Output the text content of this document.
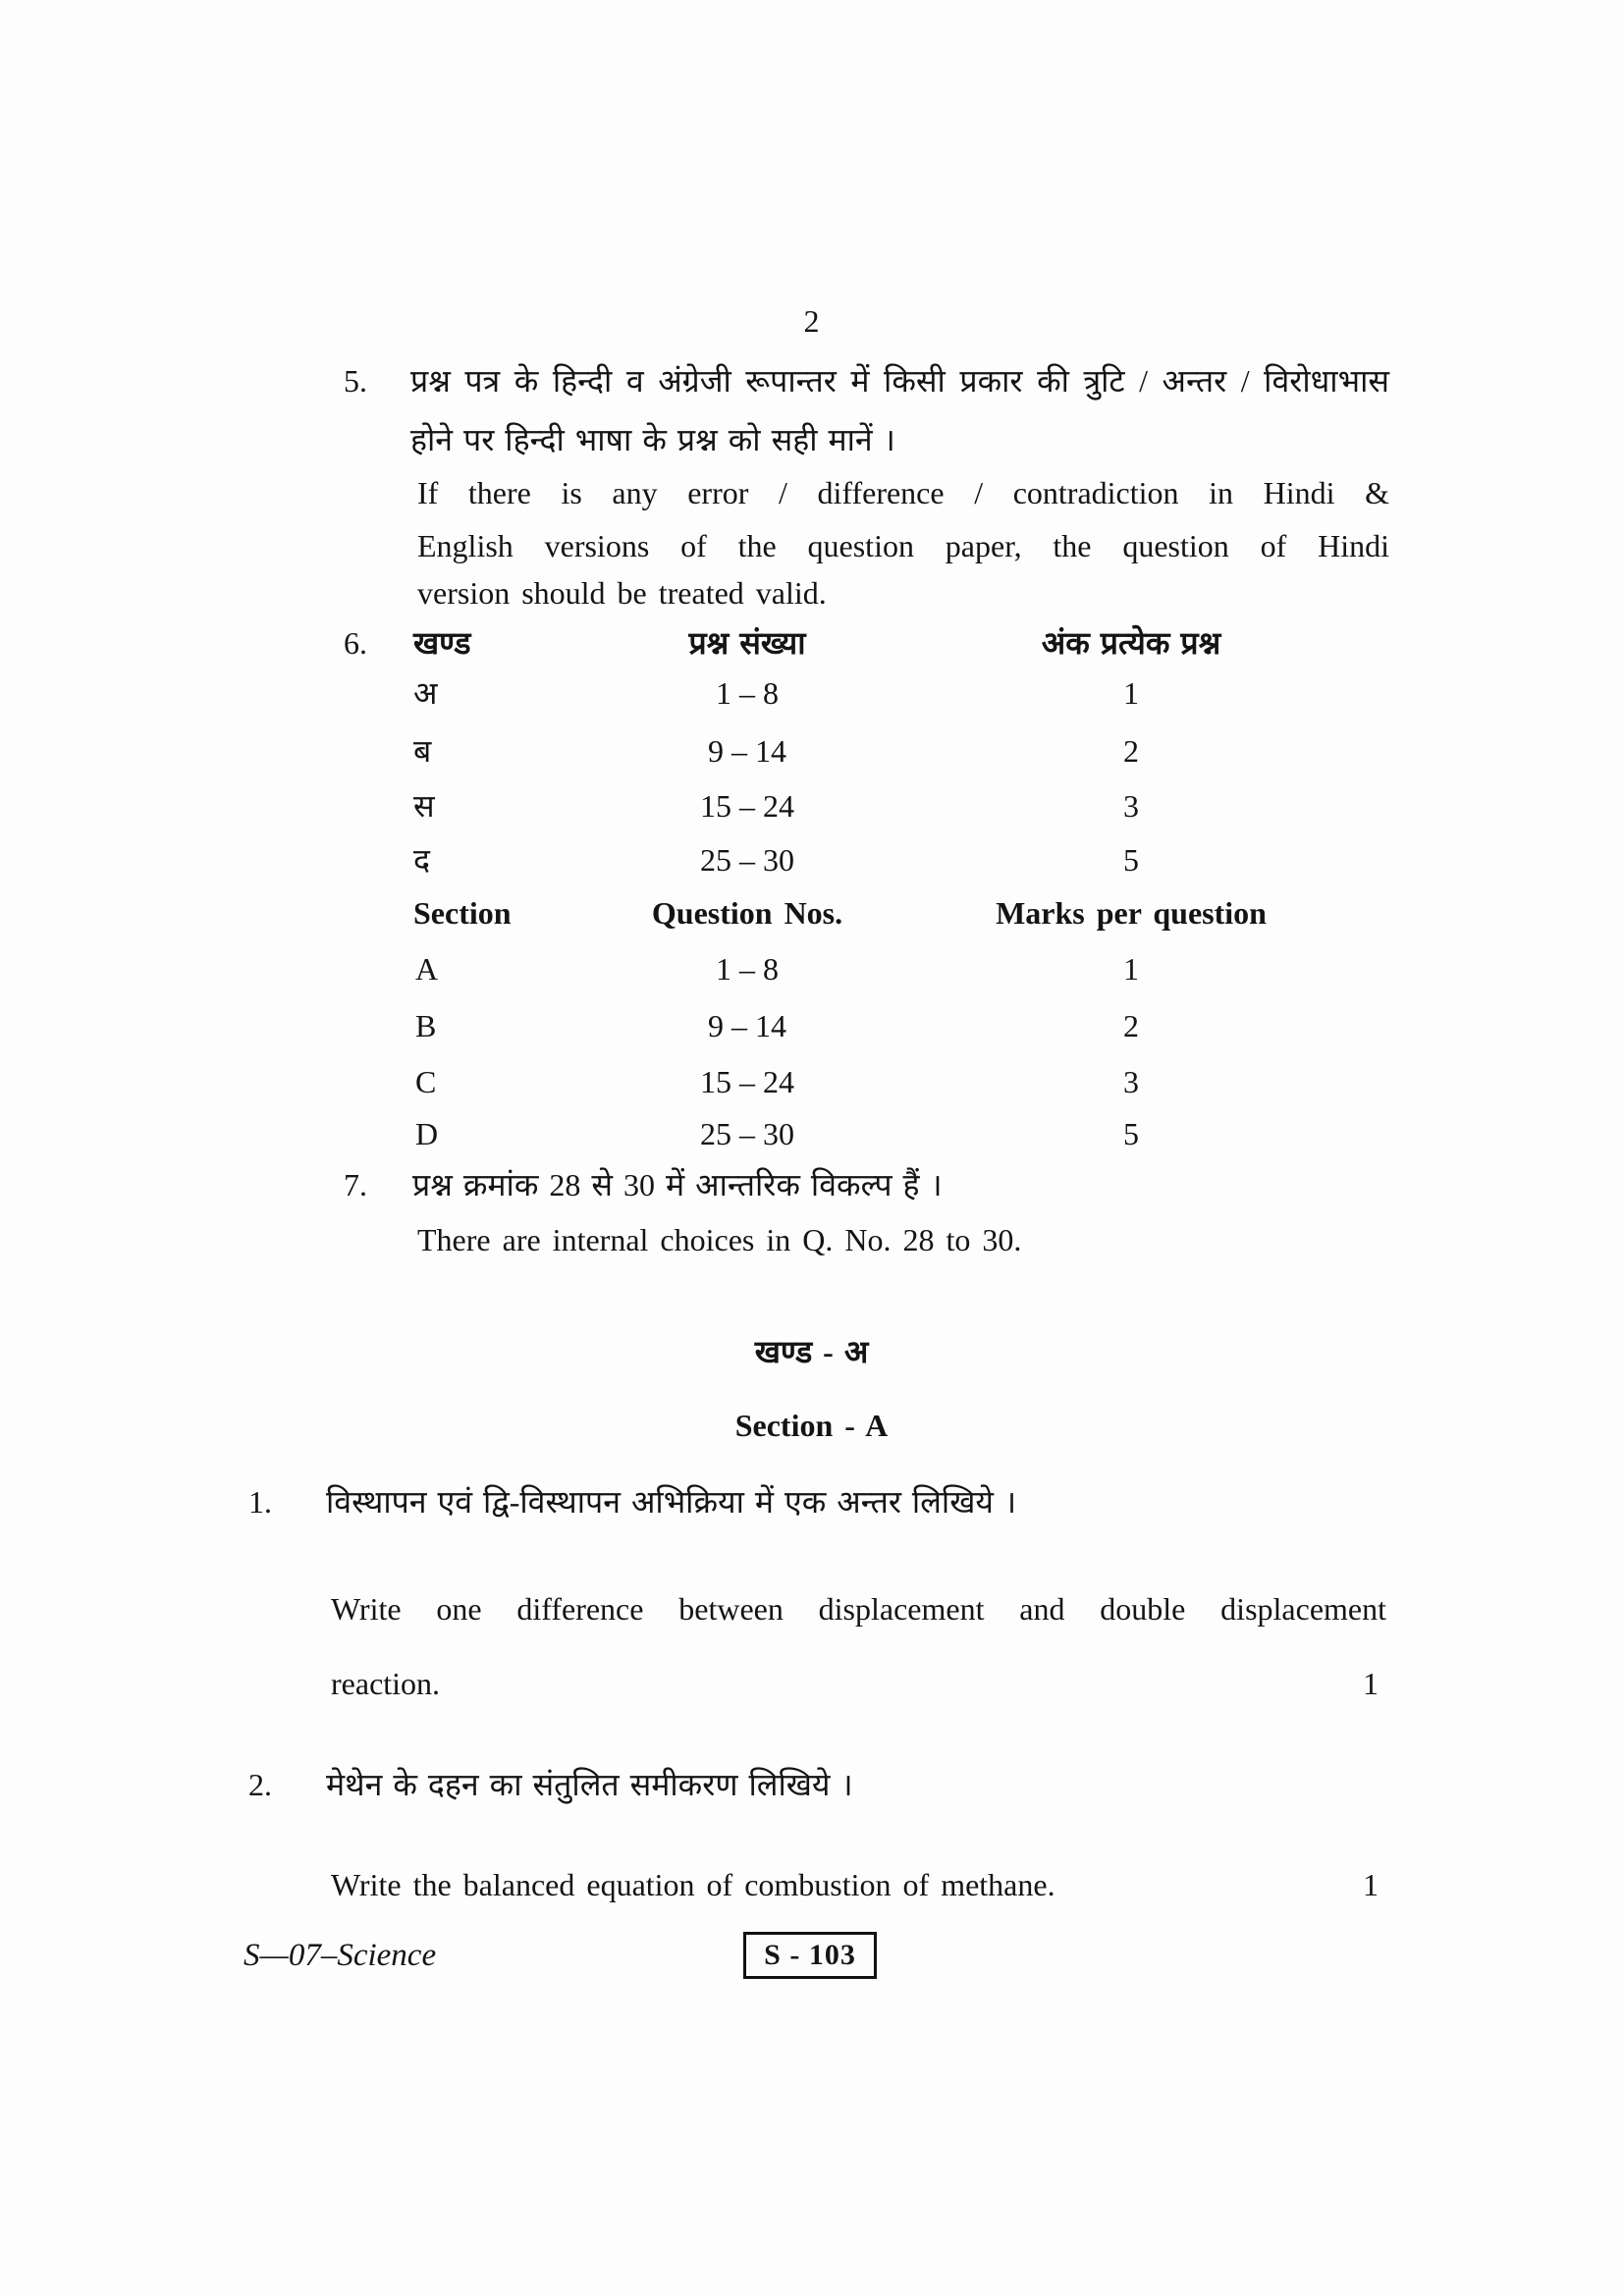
2
5. प्रश्न पत्र के हिन्दी व अंग्रेजी रूपान्तर में किसी प्रकार की त्रुटि / अन्तर / विरोधाभास
होने पर हिन्दी भाषा के प्रश्न को सही मानें ।
If there is any error / difference / contradiction in Hindi &
English versions of the question paper, the question of Hindi
version should be treated valid.
6. खण्ड	प्रश्न संख्या	अंक प्रत्येक प्रश्न
अ	1 – 8	1
ब	9 – 14	2
स	15 – 24	3
द	25 – 30	5
Section	Question Nos.	Marks per question
A	1 – 8	1
B	9 – 14	2
C	15 – 24	3
D	25 – 30	5
7. प्रश्न क्रमांक 28 से 30 में आन्तरिक विकल्प हैं ।
There are internal choices in Q. No. 28 to 30.
खण्ड - अ
Section - A
1. विस्थापन एवं द्वि-विस्थापन अभिक्रिया में एक अन्तर लिखिये ।
Write one difference between displacement and double displacement
reaction.	1
2. मेथेन के दहन का संतुलित समीकरण लिखिये ।
Write the balanced equation of combustion of methane.	1
S—07–Science	S - 103
